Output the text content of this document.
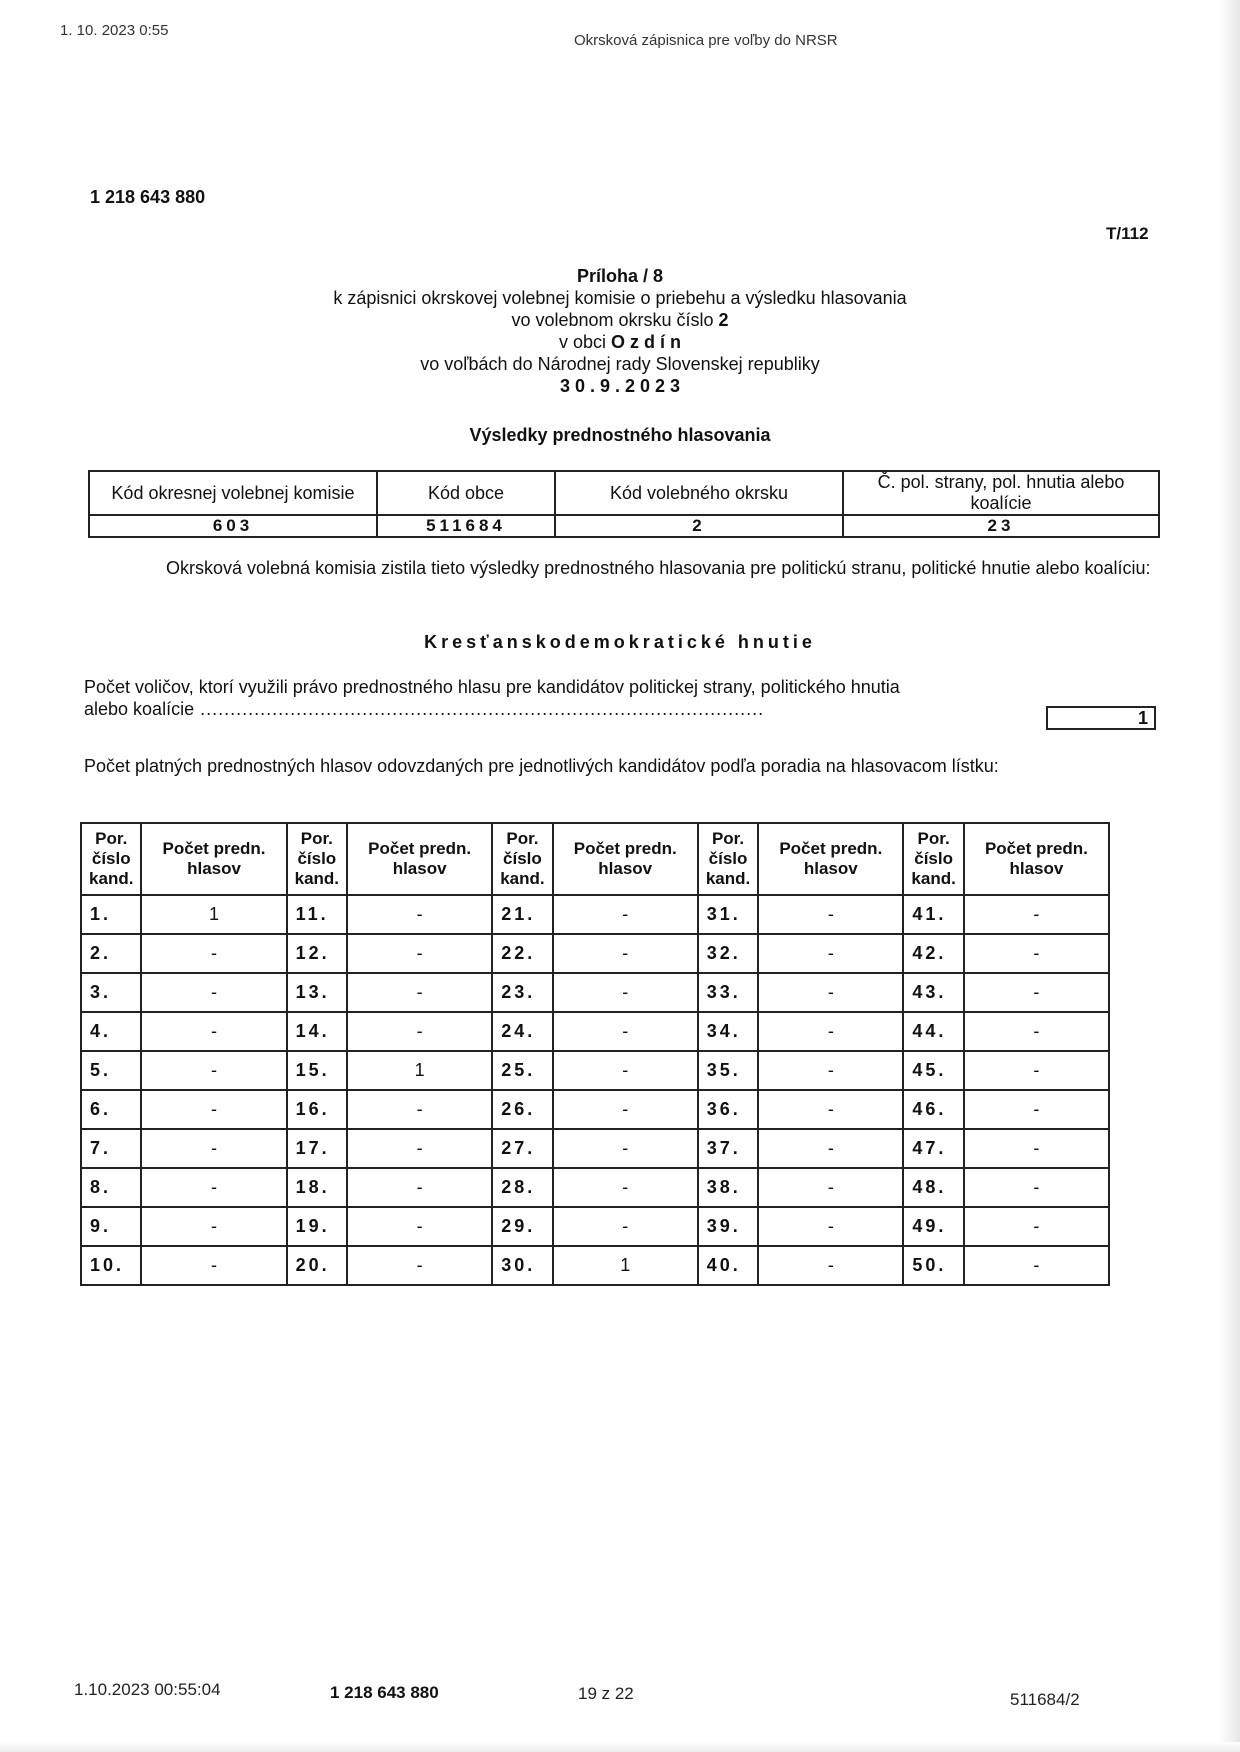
1. 10. 2023 0:55
Okrsková zápisnica pre voľby do NRSR
1 218 643 880
T/112
Príloha / 8
k zápisnici okrskovej volebnej komisie o priebehu a výsledku hlasovania
vo volebnom okrsku číslo 2
v obci O z d í n
vo voľbách do Národnej rady Slovenskej republiky
3 0 . 9 . 2 0 2 3
Výsledky prednostného hlasovania
Kód okresnej volebnej komisie	Kód obce	Kód volebného okrsku	Č. pol. strany, pol. hnutia alebo koalície
603	511684	2	23
Okrsková volebná komisia zistila tieto výsledky prednostného hlasovania pre politickú stranu, politické hnutie alebo koalíciu:
Kresťanskodemokratické hnutie
Počet voličov, ktorí využili právo prednostného hlasu pre kandidátov politickej strany, politického hnutia
alebo koalície ..............................................................................................	1
Počet platných prednostných hlasov odovzdaných pre jednotlivých kandidátov podľa poradia na hlasovacom lístku:
Por. číslo kand.	Počet predn. hlasov	Por. číslo kand.	Počet predn. hlasov	Por. číslo kand.	Počet predn. hlasov	Por. číslo kand.	Počet predn. hlasov	Por. číslo kand.	Počet predn. hlasov
1.	1	11.	-	21.	-	31.	-	41.	-
2.	-	12.	-	22.	-	32.	-	42.	-
3.	-	13.	-	23.	-	33.	-	43.	-
4.	-	14.	-	24.	-	34.	-	44.	-
5.	-	15.	1	25.	-	35.	-	45.	-
6.	-	16.	-	26.	-	36.	-	46.	-
7.	-	17.	-	27.	-	37.	-	47.	-
8.	-	18.	-	28.	-	38.	-	48.	-
9.	-	19.	-	29.	-	39.	-	49.	-
10.	-	20.	-	30.	1	40.	-	50.	-
1.10.2023 00:55:04	1 218 643 880	19 z 22	511684/2
